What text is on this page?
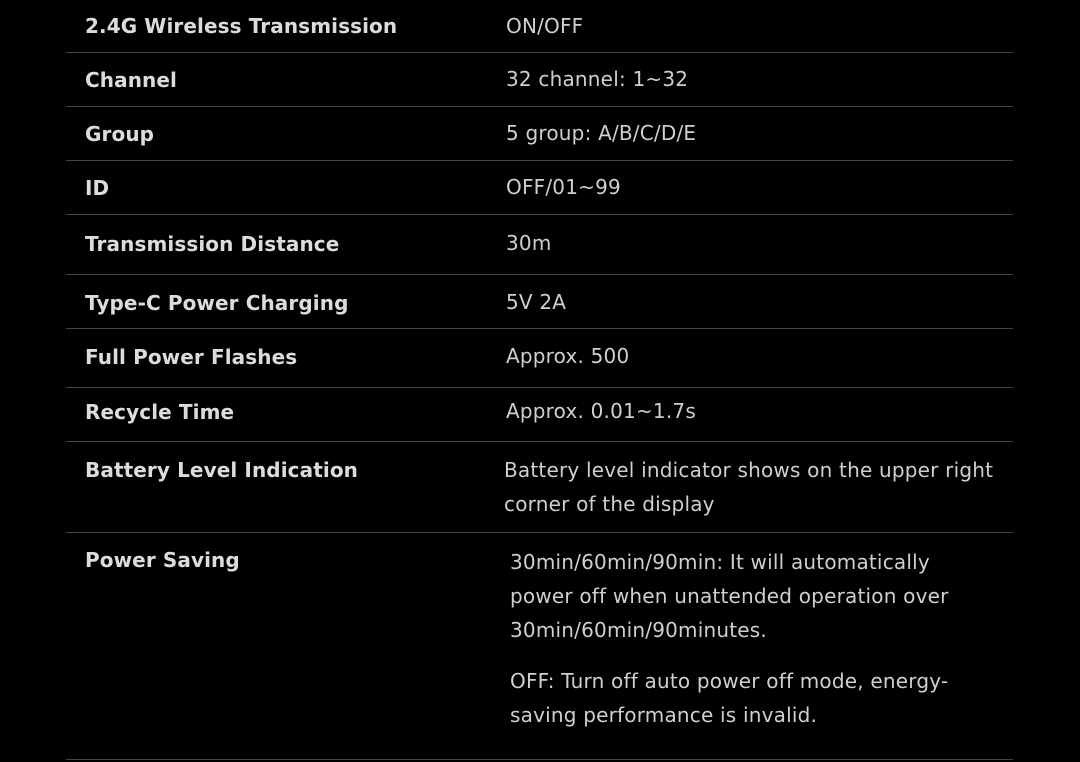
2.4G Wireless Transmission	ON/OFF
Channel	32 channel: 1~32
Group	5 group: A/B/C/D/E
ID	OFF/01~99
Transmission Distance	30m
Type-C Power Charging	5V 2A
Full Power Flashes	Approx. 500
Recycle Time	Approx. 0.01~1.7s
Battery Level Indication	Battery level indicator shows on the upper right corner of the display

Power Saving	30min/60min/90min: It will automatically power off when unattended operation over 30min/60min/90minutes.

OFF: Turn off auto power off mode, energy-saving performance is invalid.
